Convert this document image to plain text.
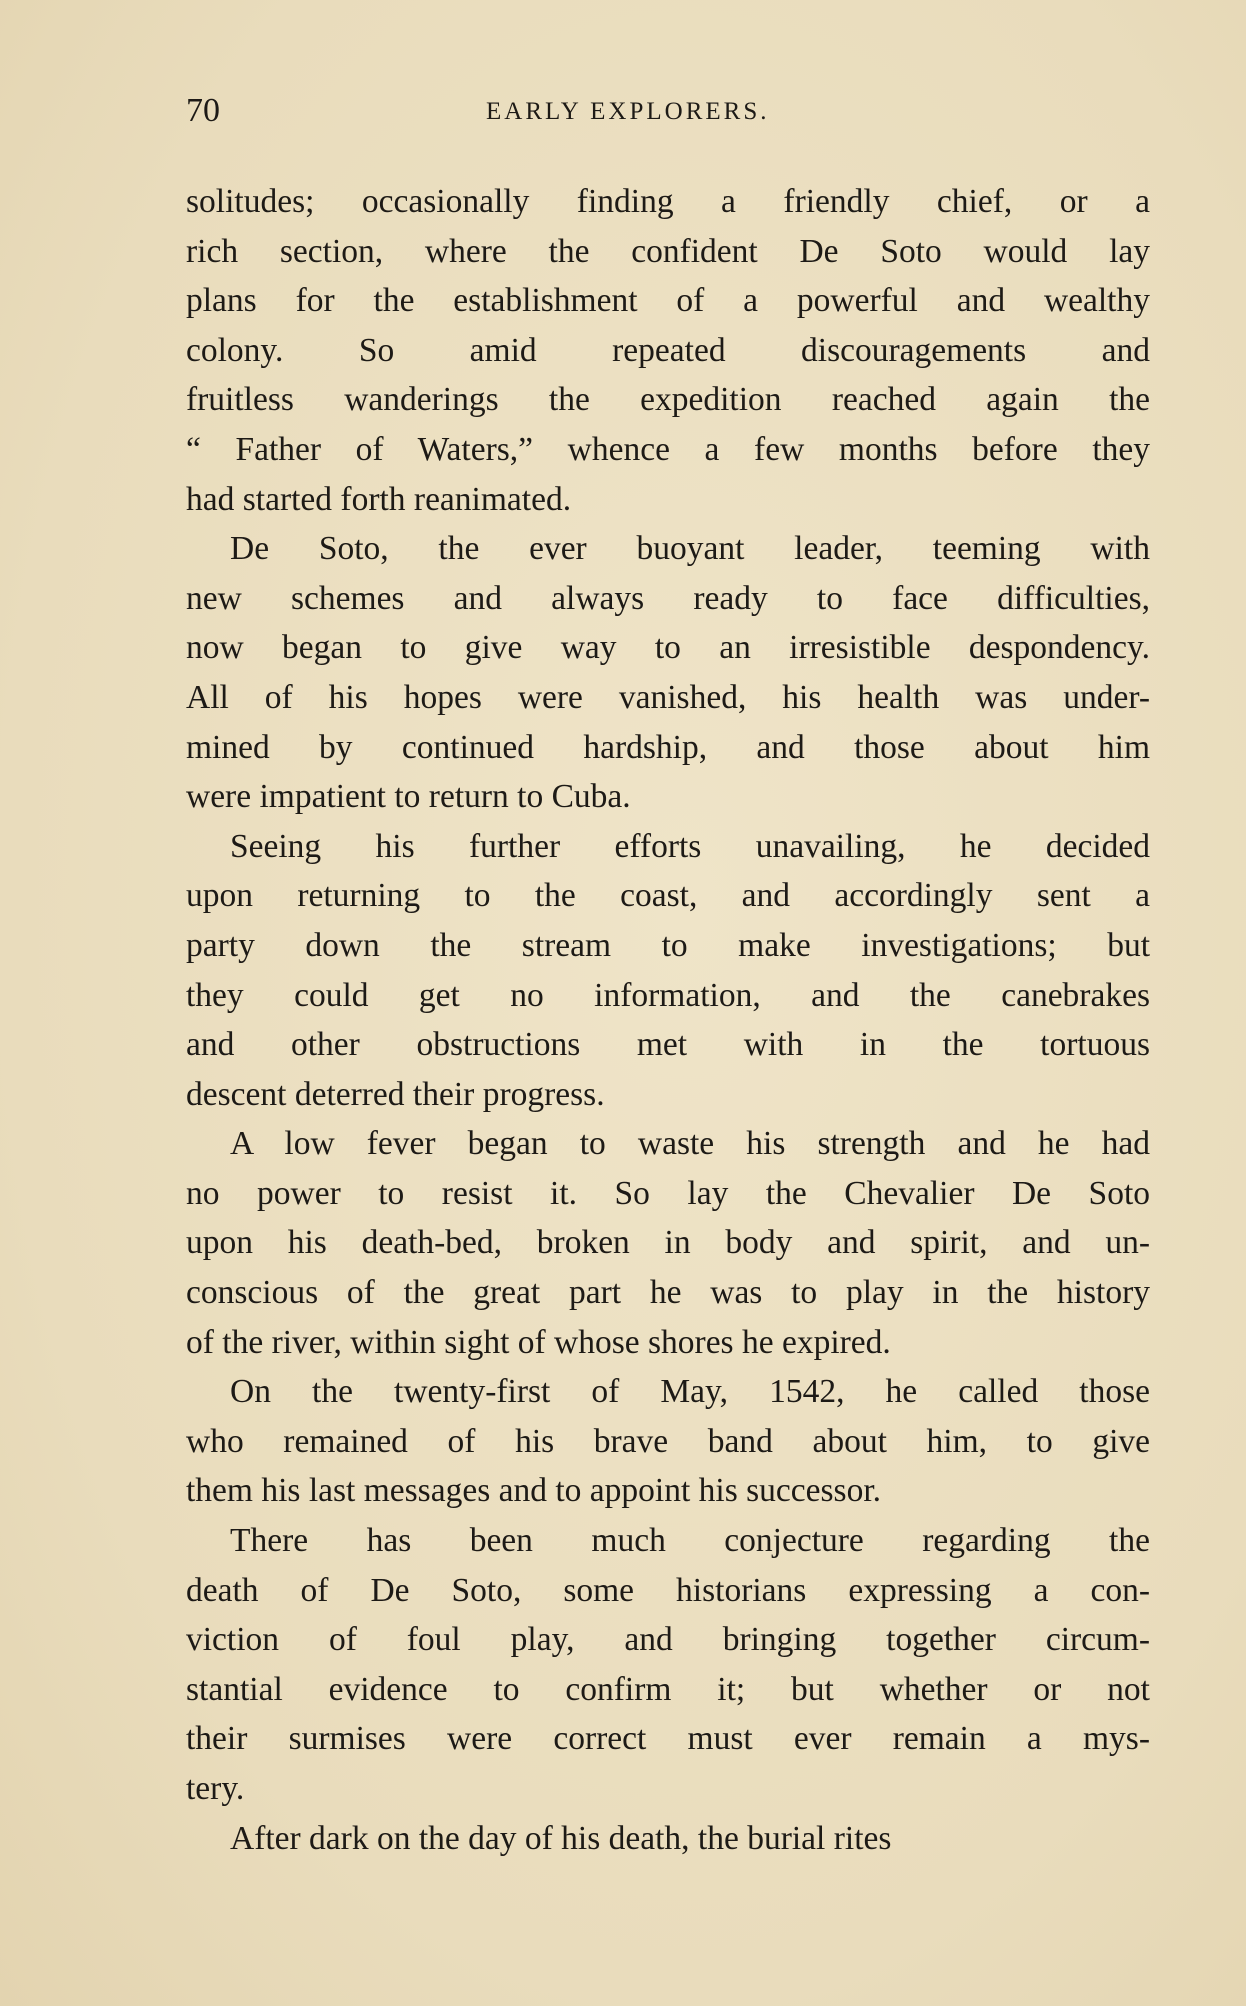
70	EARLY EXPLORERS.
solitudes; occasionally finding a friendly chief, or a
rich section, where the confident De Soto would lay
plans for the establishment of a powerful and wealthy
colony. So amid repeated discouragements and
fruitless wanderings the expedition reached again the
“ Father of Waters,” whence a few months before they
had started forth reanimated.
De Soto, the ever buoyant leader, teeming with
new schemes and always ready to face difficulties,
now began to give way to an irresistible despondency.
All of his hopes were vanished, his health was under-
mined by continued hardship, and those about him
were impatient to return to Cuba.
Seeing his further efforts unavailing, he decided
upon returning to the coast, and accordingly sent a
party down the stream to make investigations; but
they could get no information, and the canebrakes
and other obstructions met with in the tortuous
descent deterred their progress.
A low fever began to waste his strength and he had
no power to resist it. So lay the Chevalier De Soto
upon his death-bed, broken in body and spirit, and un-
conscious of the great part he was to play in the history
of the river, within sight of whose shores he expired.
On the twenty-first of May, 1542, he called those
who remained of his brave band about him, to give
them his last messages and to appoint his successor.
There has been much conjecture regarding the
death of De Soto, some historians expressing a con-
viction of foul play, and bringing together circum-
stantial evidence to confirm it; but whether or not
their surmises were correct must ever remain a mys-
tery.
After dark on the day of his death, the burial rites
